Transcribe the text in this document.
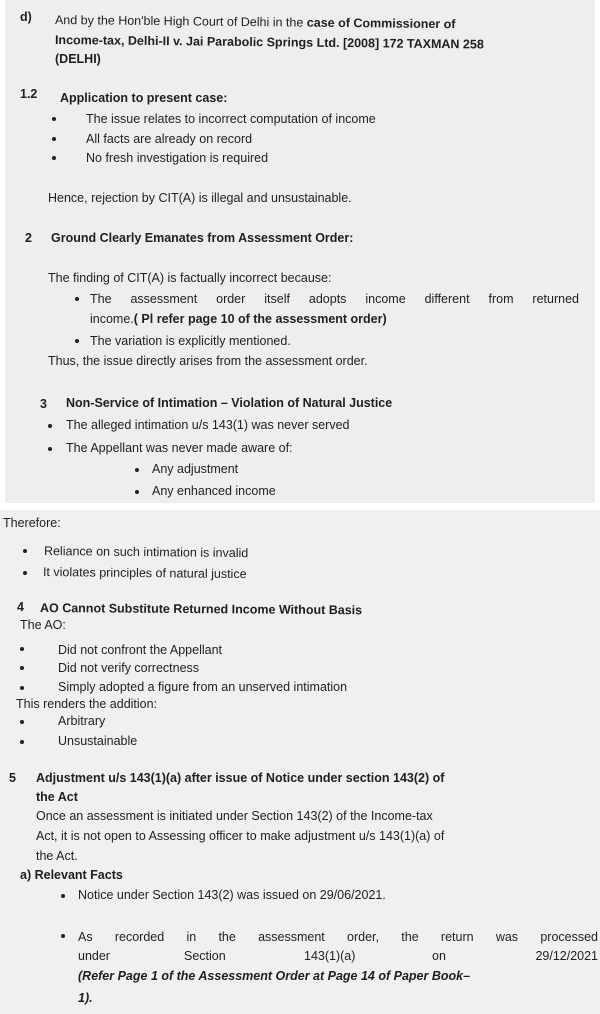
d) And by the Hon'ble High Court of Delhi in the case of Commissioner of
Income-tax, Delhi-II v. Jai Parabolic Springs Ltd. [2008] 172 TAXMAN 258
(DELHI)
1.2 Application to present case:
The issue relates to incorrect computation of income
All facts are already on record
No fresh investigation is required
Hence, rejection by CIT(A) is illegal and unsustainable.
2 Ground Clearly Emanates from Assessment Order:
The finding of CIT(A) is factually incorrect because:
The assessment order itself adopts income different from returned
income.( Pl refer page 10 of the assessment order)
The variation is explicitly mentioned.
Thus, the issue directly arises from the assessment order.
3 Non-Service of Intimation – Violation of Natural Justice
The alleged intimation u/s 143(1) was never served
The Appellant was never made aware of:
Any adjustment
Any enhanced income
Therefore:
Reliance on such intimation is invalid
It violates principles of natural justice
4 AO Cannot Substitute Returned Income Without Basis
The AO:
Did not confront the Appellant
Did not verify correctness
Simply adopted a figure from an unserved intimation
This renders the addition:
Arbitrary
Unsustainable
5 Adjustment u/s 143(1)(a) after issue of Notice under section 143(2) of
the Act
Once an assessment is initiated under Section 143(2) of the Income-tax
Act, it is not open to Assessing officer to make adjustment u/s 143(1)(a) of
the Act.
a) Relevant Facts
Notice under Section 143(2) was issued on 29/06/2021.
As recorded in the assessment order, the return was processed
under	Section	143(1)(a)	on	29/12/2021
(Refer Page 1 of the Assessment Order at Page 14 of Paper Book–
1).
